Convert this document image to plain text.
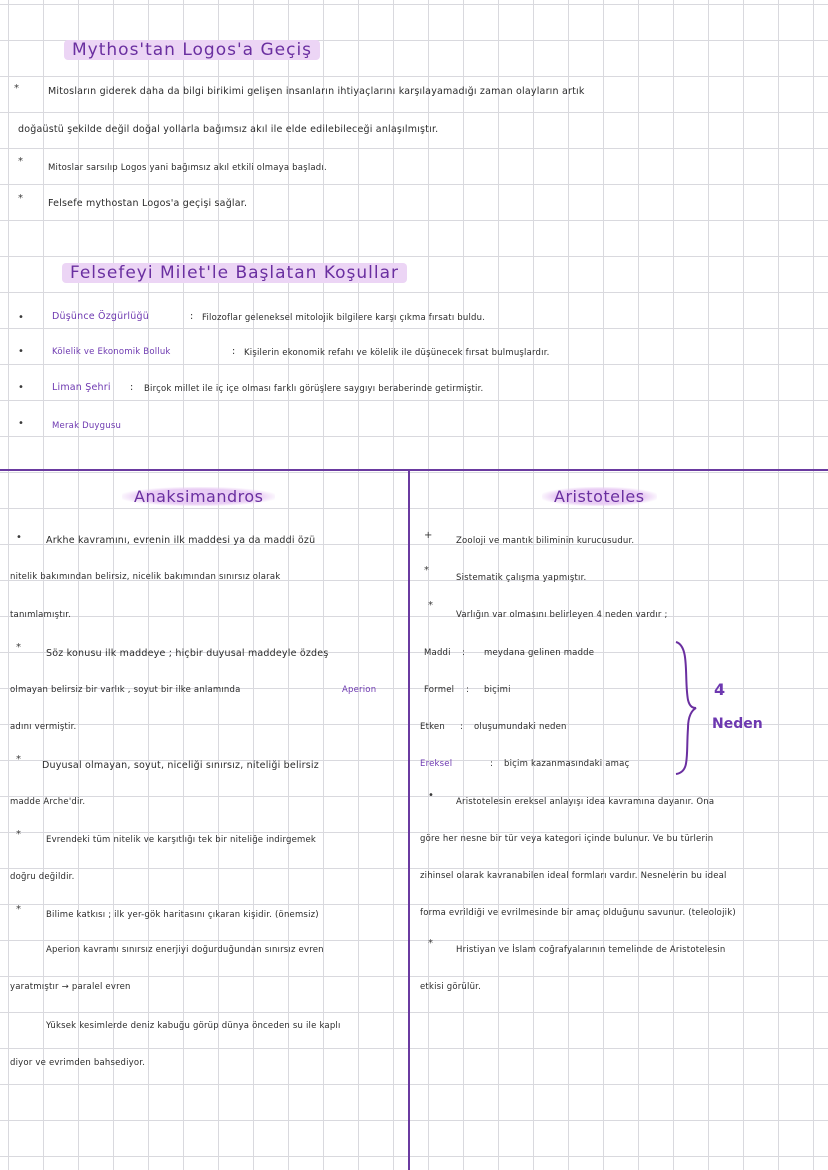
Mythos'tan Logos'a Geçiş
*	Mitosların giderek daha da bilgi birikimi gelişen insanların ihtiyaçlarını karşılayamadığı zaman olayların artık
doğaüstü şekilde değil doğal yollarla bağımsız akıl ile elde edilebileceği anlaşılmıştır.
*
Mitoslar sarsılıp Logos yani bağımsız akıl etkili olmaya başladı.
*	Felsefe mythostan Logos'a geçişi sağlar.
Felsefeyi Milet'le Başlatan Koşullar
•	Düşünce Özgürlüğü	: Filozoflar geleneksel mitolojik bilgilere karşı çıkma fırsatı buldu.
•	Kölelik ve Ekonomik Bolluk	: Kişilerin ekonomik refahı ve kölelik ile düşünecek fırsat bulmuşlardır.
•	Liman Şehri : Birçok millet ile iç içe olması farklı görüşlere saygıyı beraberinde getirmiştir.
•	Merak Duygusu
Anaksimandros
•	Arkhe kavramını, evrenin ilk maddesi ya da maddi özü
nitelik bakımından belirsiz, nicelik bakımından sınırsız olarak
tanımlamıştır.
*
Söz konusu ilk maddeye ; hiçbir duyusal maddeyle özdeş
olmayan belirsiz bir varlık , soyut bir ilke anlamında	Aperion
adını vermiştir.
*
Duyusal olmayan, soyut, niceliği sınırsız, niteliği belirsiz
madde Arche'dir.
*	Evrendeki tüm nitelik ve karşıtlığı tek bir niteliğe indirgemek
doğru değildir.
*	Bilime katkısı ; ilk yer-gök haritasını çıkaran kişidir. (önemsiz)
Aperion kavramı sınırsız enerjiyi doğurduğundan sınırsız evren
yaratmıştır → paralel evren
Yüksek kesimlerde deniz kabuğu görüp dünya önceden su ile kaplı
diyor ve evrimden bahsediyor.
Aristoteles
+	Zooloji ve mantık biliminin kurucusudur.
*
Sistematik çalışma yapmıştır.
*
Varlığın var olmasını belirleyen 4 neden vardır ;
Maddi : meydana gelinen madde
Formel : biçimi
Etken : oluşumundaki neden
Ereksel	: biçim kazanmasındaki amaç
4
Neden
•
Aristotelesin ereksel anlayışı idea kavramına dayanır. Ona
göre her nesne bir tür veya kategori içinde bulunur. Ve bu türlerin
zihinsel olarak kavranabilen ideal formları vardır. Nesnelerin bu ideal
forma evrildiği ve evrilmesinde bir amaç olduğunu savunur. (teleolojik)
*
Hristiyan ve İslam coğrafyalarının temelinde de Aristotelesin
etkisi görülür.
